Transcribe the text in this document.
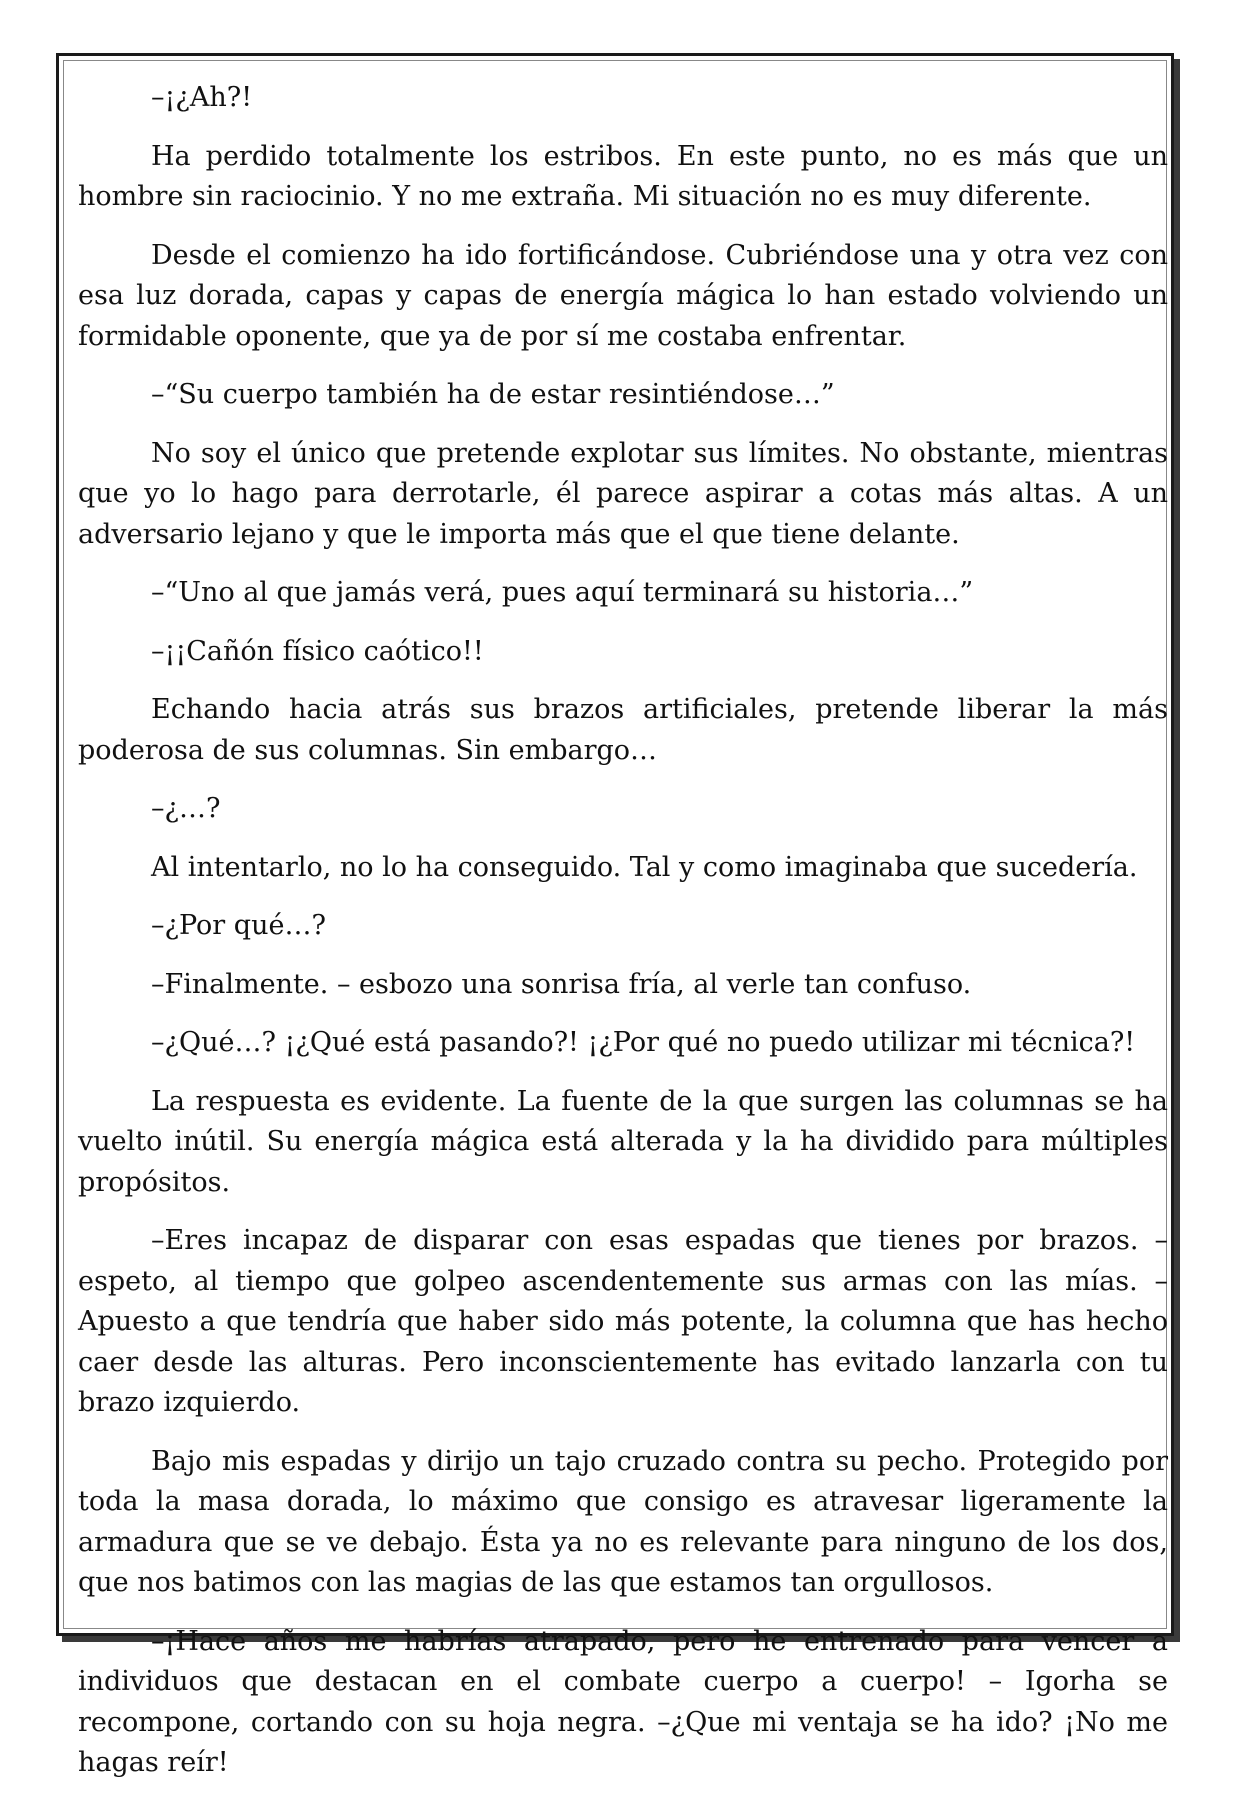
–¡¿Ah?!

Ha perdido totalmente los estribos. En este punto, no es más que un hombre sin raciocinio. Y no me extraña. Mi situación no es muy diferente.

Desde el comienzo ha ido fortificándose. Cubriéndose una y otra vez con esa luz dorada, capas y capas de energía mágica lo han estado volviendo un formidable oponente, que ya de por sí me costaba enfrentar.

–“Su cuerpo también ha de estar resintiéndose…”

No soy el único que pretende explotar sus límites. No obstante, mientras que yo lo hago para derrotarle, él parece aspirar a cotas más altas. A un adversario lejano y que le importa más que el que tiene delante.

–“Uno al que jamás verá, pues aquí terminará su historia…”

–¡¡Cañón físico caótico!!

Echando hacia atrás sus brazos artificiales, pretende liberar la más poderosa de sus columnas. Sin embargo…

–¿…?

Al intentarlo, no lo ha conseguido. Tal y como imaginaba que sucedería.

–¿Por qué…?

–Finalmente. – esbozo una sonrisa fría, al verle tan confuso.

–¿Qué…? ¡¿Qué está pasando?! ¡¿Por qué no puedo utilizar mi técnica?!

La respuesta es evidente. La fuente de la que surgen las columnas se ha vuelto inútil. Su energía mágica está alterada y la ha dividido para múltiples propósitos.

–Eres incapaz de disparar con esas espadas que tienes por brazos. – espeto, al tiempo que golpeo ascendentemente sus armas con las mías. –Apuesto a que tendría que haber sido más potente, la columna que has hecho caer desde las alturas. Pero inconscientemente has evitado lanzarla con tu brazo izquierdo.

Bajo mis espadas y dirijo un tajo cruzado contra su pecho. Protegido por toda la masa dorada, lo máximo que consigo es atravesar ligeramente la armadura que se ve debajo. Ésta ya no es relevante para ninguno de los dos, que nos batimos con las magias de las que estamos tan orgullosos.

–¡Hace años me habrías atrapado, pero he entrenado para vencer a individuos que destacan en el combate cuerpo a cuerpo! – Igorha se recompone, cortando con su hoja negra. –¿Que mi ventaja se ha ido? ¡No me hagas reír!
